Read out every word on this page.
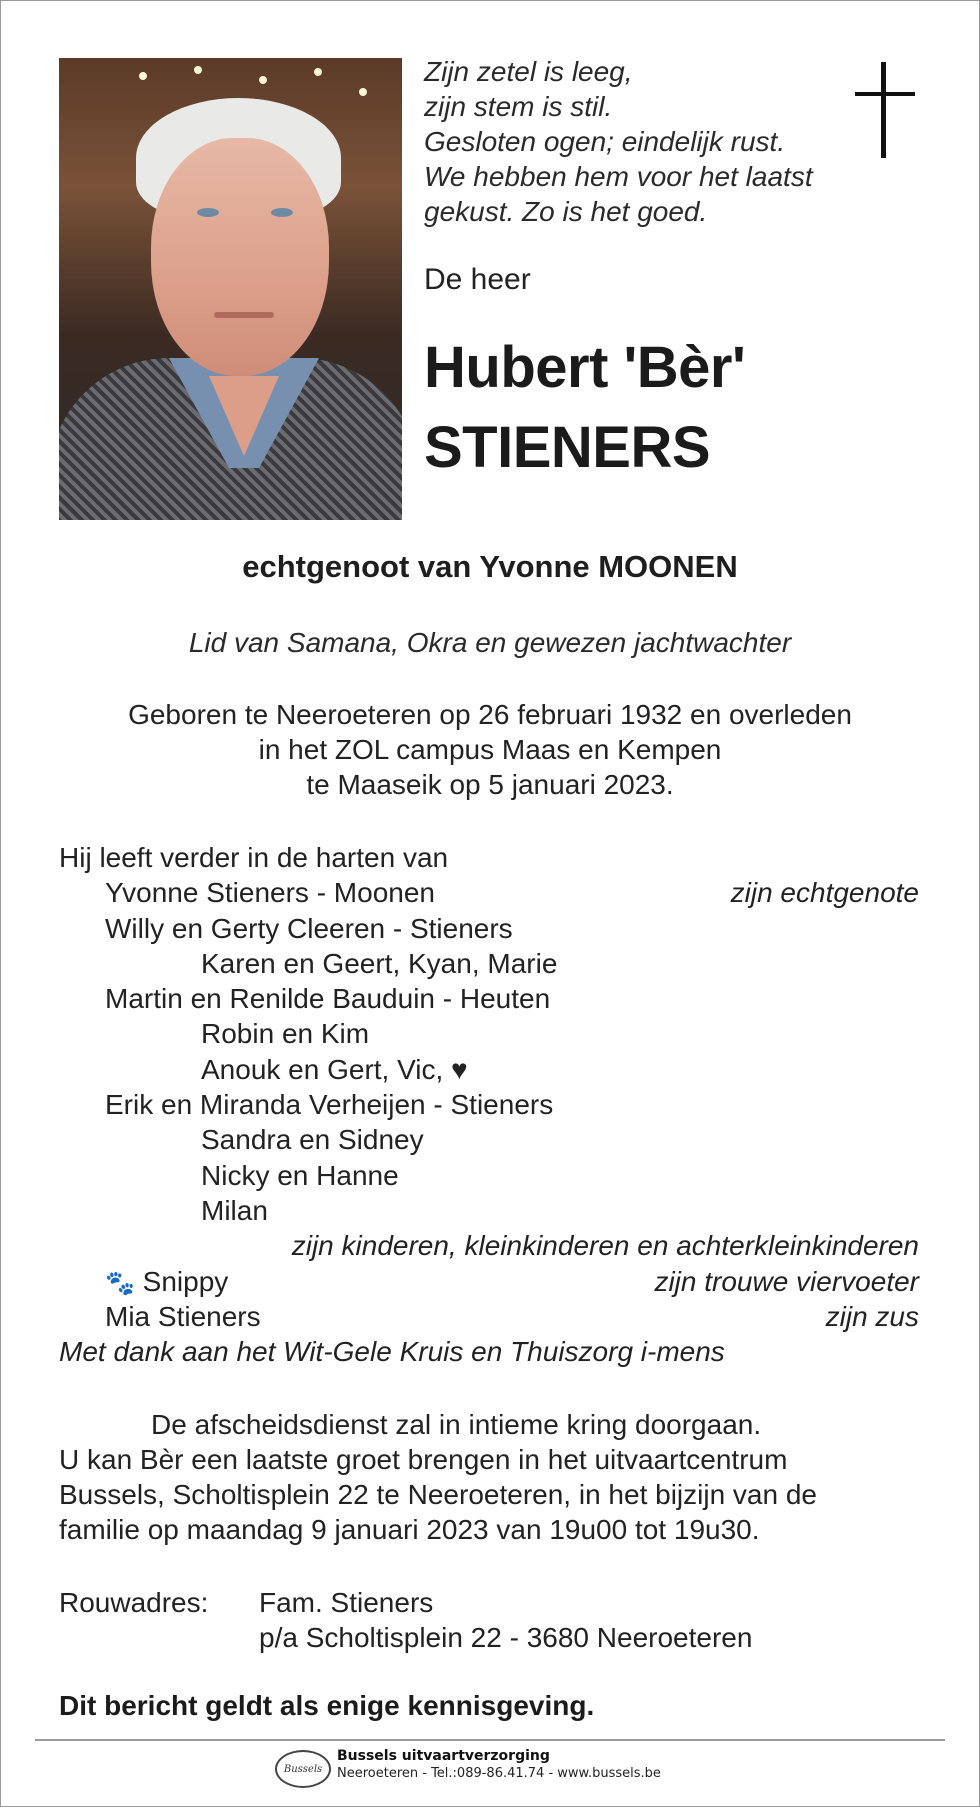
Zijn zetel is leeg,
zijn stem is stil.
Gesloten ogen; eindelijk rust.
We hebben hem voor het laatst
gekust. Zo is het goed.
De heer
Hubert 'Bèr'
STIENERS
echtgenoot van Yvonne MOONEN
Lid van Samana, Okra en gewezen jachtwachter
Geboren te Neeroeteren op 26 februari 1932 en overleden
in het ZOL campus Maas en Kempen
te Maaseik op 5 januari 2023.
Hij leeft verder in de harten van
Yvonne Stieners - Moonen	zijn echtgenote
Willy en Gerty Cleeren - Stieners
Karen en Geert, Kyan, Marie
Martin en Renilde Bauduin - Heuten
Robin en Kim
Anouk en Gert, Vic, ♥
Erik en Miranda Verheijen - Stieners
Sandra en Sidney
Nicky en Hanne
Milan
zijn kinderen, kleinkinderen en achterkleinkinderen
🐾 Snippy	zijn trouwe viervoeter
Mia Stieners	zijn zus
Met dank aan het Wit-Gele Kruis en Thuiszorg i-mens
De afscheidsdienst zal in intieme kring doorgaan.
U kan Bèr een laatste groet brengen in het uitvaartcentrum
Bussels, Scholtisplein 22 te Neeroeteren, in het bijzijn van de
familie op maandag 9 januari 2023 van 19u00 tot 19u30.
Rouwadres:	Fam. Stieners
p/a Scholtisplein 22 - 3680 Neeroeteren
Dit bericht geldt als enige kennisgeving.
Bussels
Bussels uitvaartverzorging
Neeroeteren - Tel.:089-86.41.74 - www.bussels.be
